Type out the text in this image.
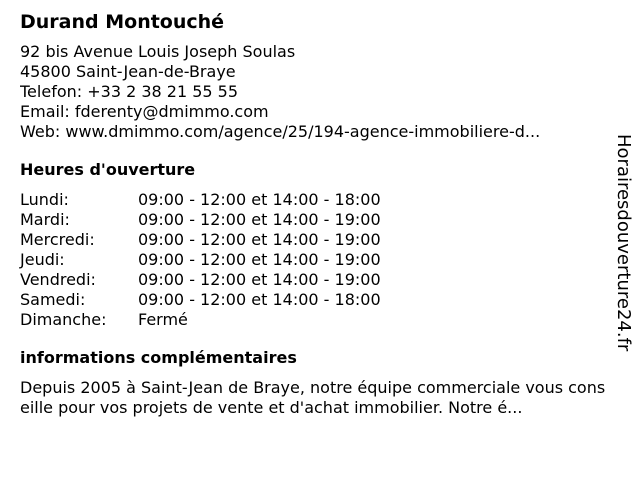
Durand Montouché
92 bis Avenue Louis Joseph Soulas
45800 Saint-Jean-de-Braye
Telefon: +33 2 38 21 55 55
Email: fderenty@dmimmo.com
Web: www.dmimmo.com/agence/25/194-agence-immobiliere-d...
Heures d'ouverture
Lundi:	09:00 - 12:00 et 14:00 - 18:00
Mardi:	09:00 - 12:00 et 14:00 - 19:00
Mercredi:	09:00 - 12:00 et 14:00 - 19:00
Jeudi:	09:00 - 12:00 et 14:00 - 19:00
Vendredi:	09:00 - 12:00 et 14:00 - 19:00
Samedi:	09:00 - 12:00 et 14:00 - 18:00
Dimanche:	Fermé
informations complémentaires
Depuis 2005 à Saint-Jean de Braye, notre équipe commerciale vous conseille pour vos projets de vente et d'achat immobilier. Notre é...
Horairesdouverture24.fr
